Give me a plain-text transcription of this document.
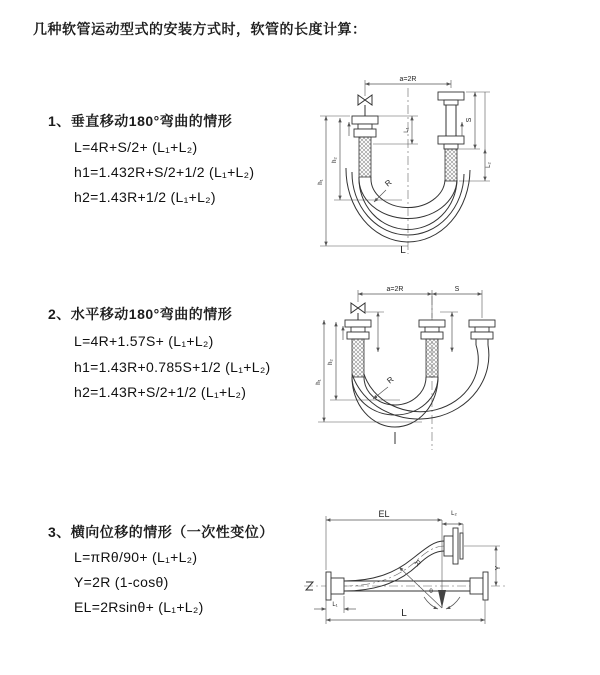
几种软管运动型式的安装方式时，软管的长度计算：
1、垂直移动180°弯曲的情形
L=4R+S/2+ (L₁+L₂)
h1=1.432R+S/2+1/2 (L₁+L₂)
h2=1.43R+1/2 (L₁+L₂)
2、水平移动180°弯曲的情形
L=4R+1.57S+ (L₁+L₂)
h1=1.43R+0.785S+1/2 (L₁+L₂)
h2=1.43R+S/2+1/2 (L₁+L₂)
3、横向位移的情形（一次性变位）
L=πRθ/90+ (L₁+L₂)
Y=2R (1-cosθ)
EL=2Rsinθ+ (L₁+L₂)
a=2R
L₁
S
L₂
h₂
h₁	R
L
a=2R	S
h₂
h₁	R
EL	L₂
Y
R
θ
L
L₁
